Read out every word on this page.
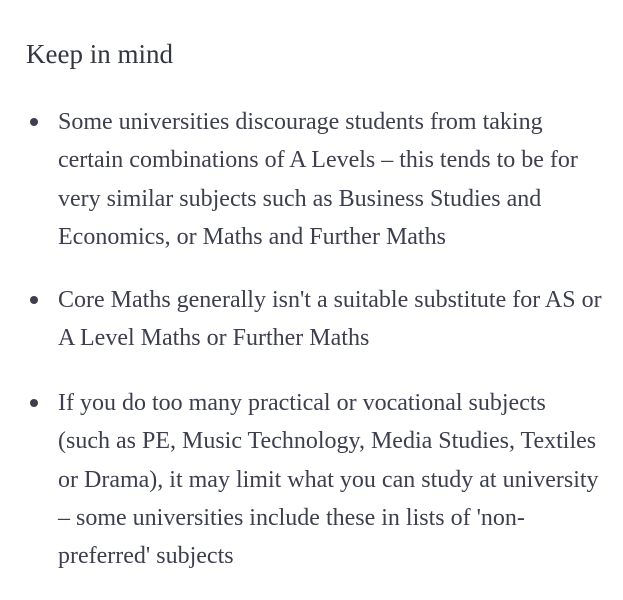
Keep in mind
Some universities discourage students from taking certain combinations of A Levels – this tends to be for very similar subjects such as Business Studies and Economics, or Maths and Further Maths
Core Maths generally isn't a suitable substitute for AS or A Level Maths or Further Maths
If you do too many practical or vocational subjects (such as PE, Music Technology, Media Studies, Textiles or Drama), it may limit what you can study at university – some universities include these in lists of 'non-preferred' subjects
